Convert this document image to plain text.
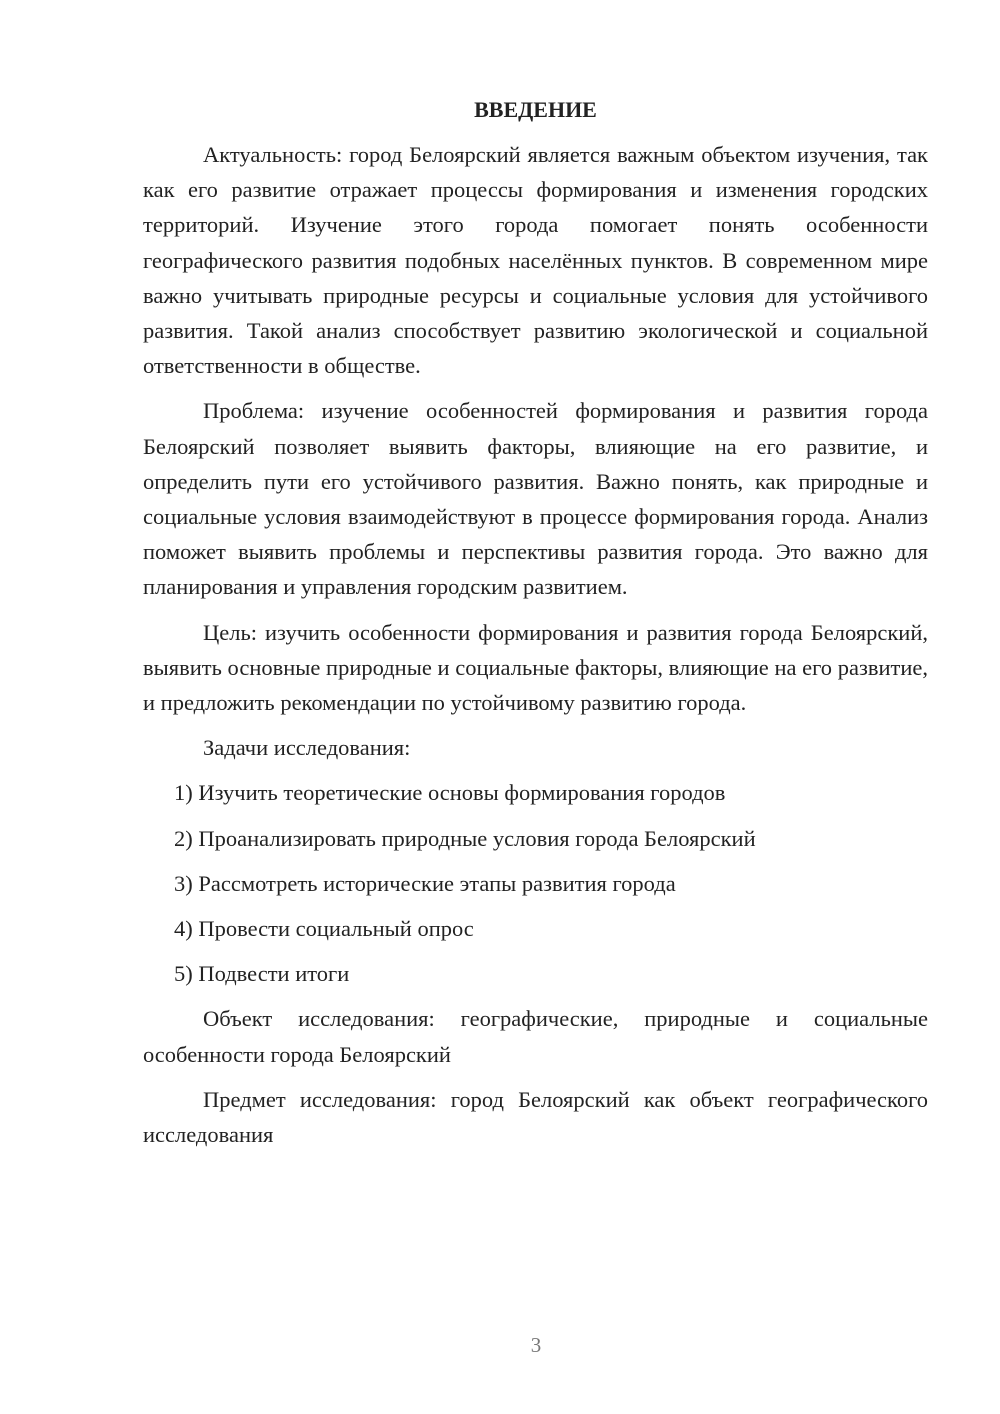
ВВЕДЕНИЕ

Актуальность: город Белоярский является важным объектом изучения, так как его развитие отражает процессы формирования и изменения городских территорий. Изучение этого города помогает понять особенности географического развития подобных населённых пунктов. В современном мире важно учитывать природные ресурсы и социальные условия для устойчивого развития. Такой анализ способствует развитию экологической и социальной ответственности в обществе.

Проблема: изучение особенностей формирования и развития города Белоярский позволяет выявить факторы, влияющие на его развитие, и определить пути его устойчивого развития. Важно понять, как природные и социальные условия взаимодействуют в процессе формирования города. Анализ поможет выявить проблемы и перспективы развития города. Это важно для планирования и управления городским развитием.

Цель: изучить особенности формирования и развития города Белоярский, выявить основные природные и социальные факторы, влияющие на его развитие, и предложить рекомендации по устойчивому развитию города.

Задачи исследования:

1) Изучить теоретические основы формирования городов

2) Проанализировать природные условия города Белоярский

3) Рассмотреть исторические этапы развития города

4) Провести социальный опрос

5) Подвести итоги

Объект исследования: географические, природные и социальные особенности города Белоярский

Предмет исследования: город Белоярский как объект географического исследования

3
